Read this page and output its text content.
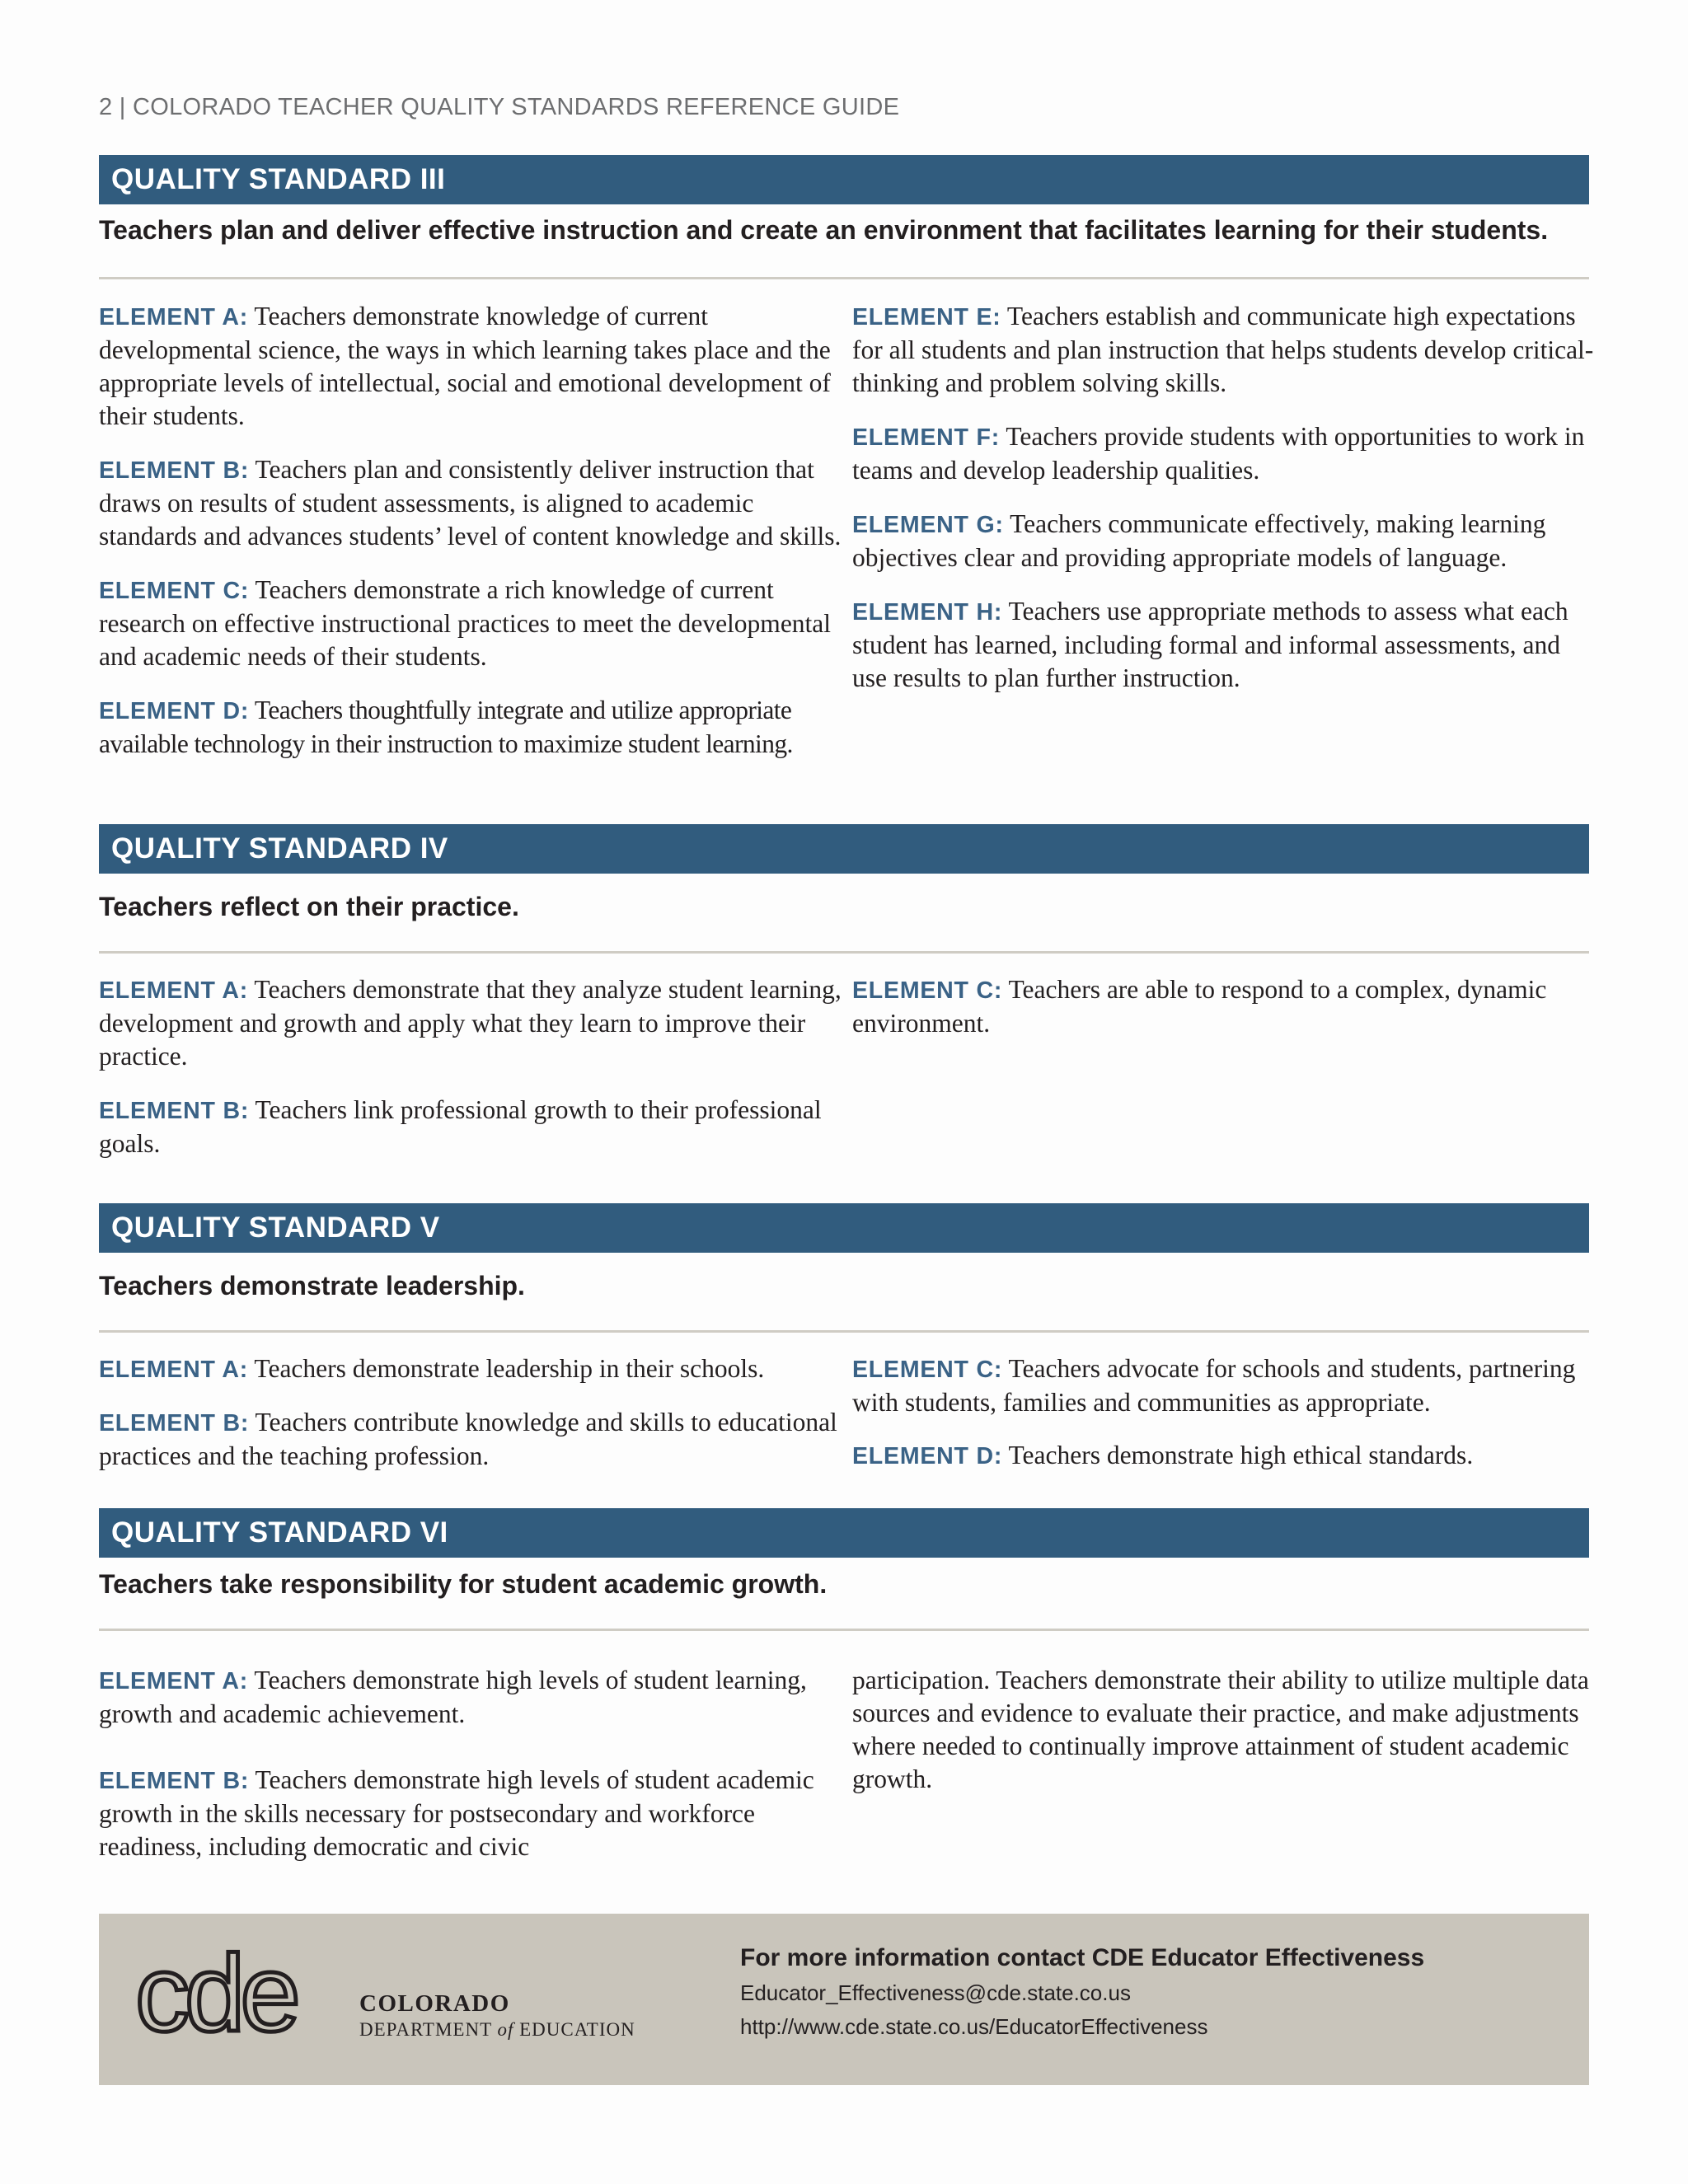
2 | COLORADO TEACHER QUALITY STANDARDS REFERENCE GUIDE
QUALITY STANDARD III
Teachers plan and deliver effective instruction and create an environment that facilitates learning for their students.

ELEMENT A: Teachers demonstrate knowledge of current developmental science, the ways in which learning takes place and the appropriate levels of intellectual, social and emotional development of their students.

ELEMENT B: Teachers plan and consistently deliver instruction that draws on results of student assessments, is aligned to academic standards and advances students’ level of content knowledge and skills.

ELEMENT C: Teachers demonstrate a rich knowledge of current research on effective instructional practices to meet the developmental and academic needs of their students.

ELEMENT D: Teachers thoughtfully integrate and utilize appropriate available technology in their instruction to maximize student learning.

ELEMENT E: Teachers establish and communicate high expectations for all students and plan instruction that helps students develop critical-thinking and problem solving skills.

ELEMENT F: Teachers provide students with opportunities to work in teams and develop leadership qualities.

ELEMENT G: Teachers communicate effectively, making learning objectives clear and providing appropriate models of language.

ELEMENT H: Teachers use appropriate methods to assess what each student has learned, including formal and informal assessments, and use results to plan further instruction.

QUALITY STANDARD IV
Teachers reflect on their practice.

ELEMENT A: Teachers demonstrate that they analyze student learning, development and growth and apply what they learn to improve their practice.

ELEMENT B: Teachers link professional growth to their professional goals.

ELEMENT C: Teachers are able to respond to a complex, dynamic environment.

QUALITY STANDARD V
Teachers demonstrate leadership.

ELEMENT A: Teachers demonstrate leadership in their schools.

ELEMENT B: Teachers contribute knowledge and skills to educational practices and the teaching profession.

ELEMENT C: Teachers advocate for schools and students, partnering with students, families and communities as appropriate.

ELEMENT D: Teachers demonstrate high ethical standards.

QUALITY STANDARD VI
Teachers take responsibility for student academic growth.

ELEMENT A: Teachers demonstrate high levels of student learning, growth and academic achievement.

ELEMENT B: Teachers demonstrate high levels of student academic growth in the skills necessary for postsecondary and workforce readiness, including democratic and civic

participation. Teachers demonstrate their ability to utilize multiple data sources and evidence to evaluate their practice, and make adjustments where needed to continually improve attainment of student academic growth.

cde	COLORADO
DEPARTMENT of EDUCATION
For more information contact CDE Educator Effectiveness
Educator_Effectiveness@cde.state.co.us
http://www.cde.state.co.us/EducatorEffectiveness
